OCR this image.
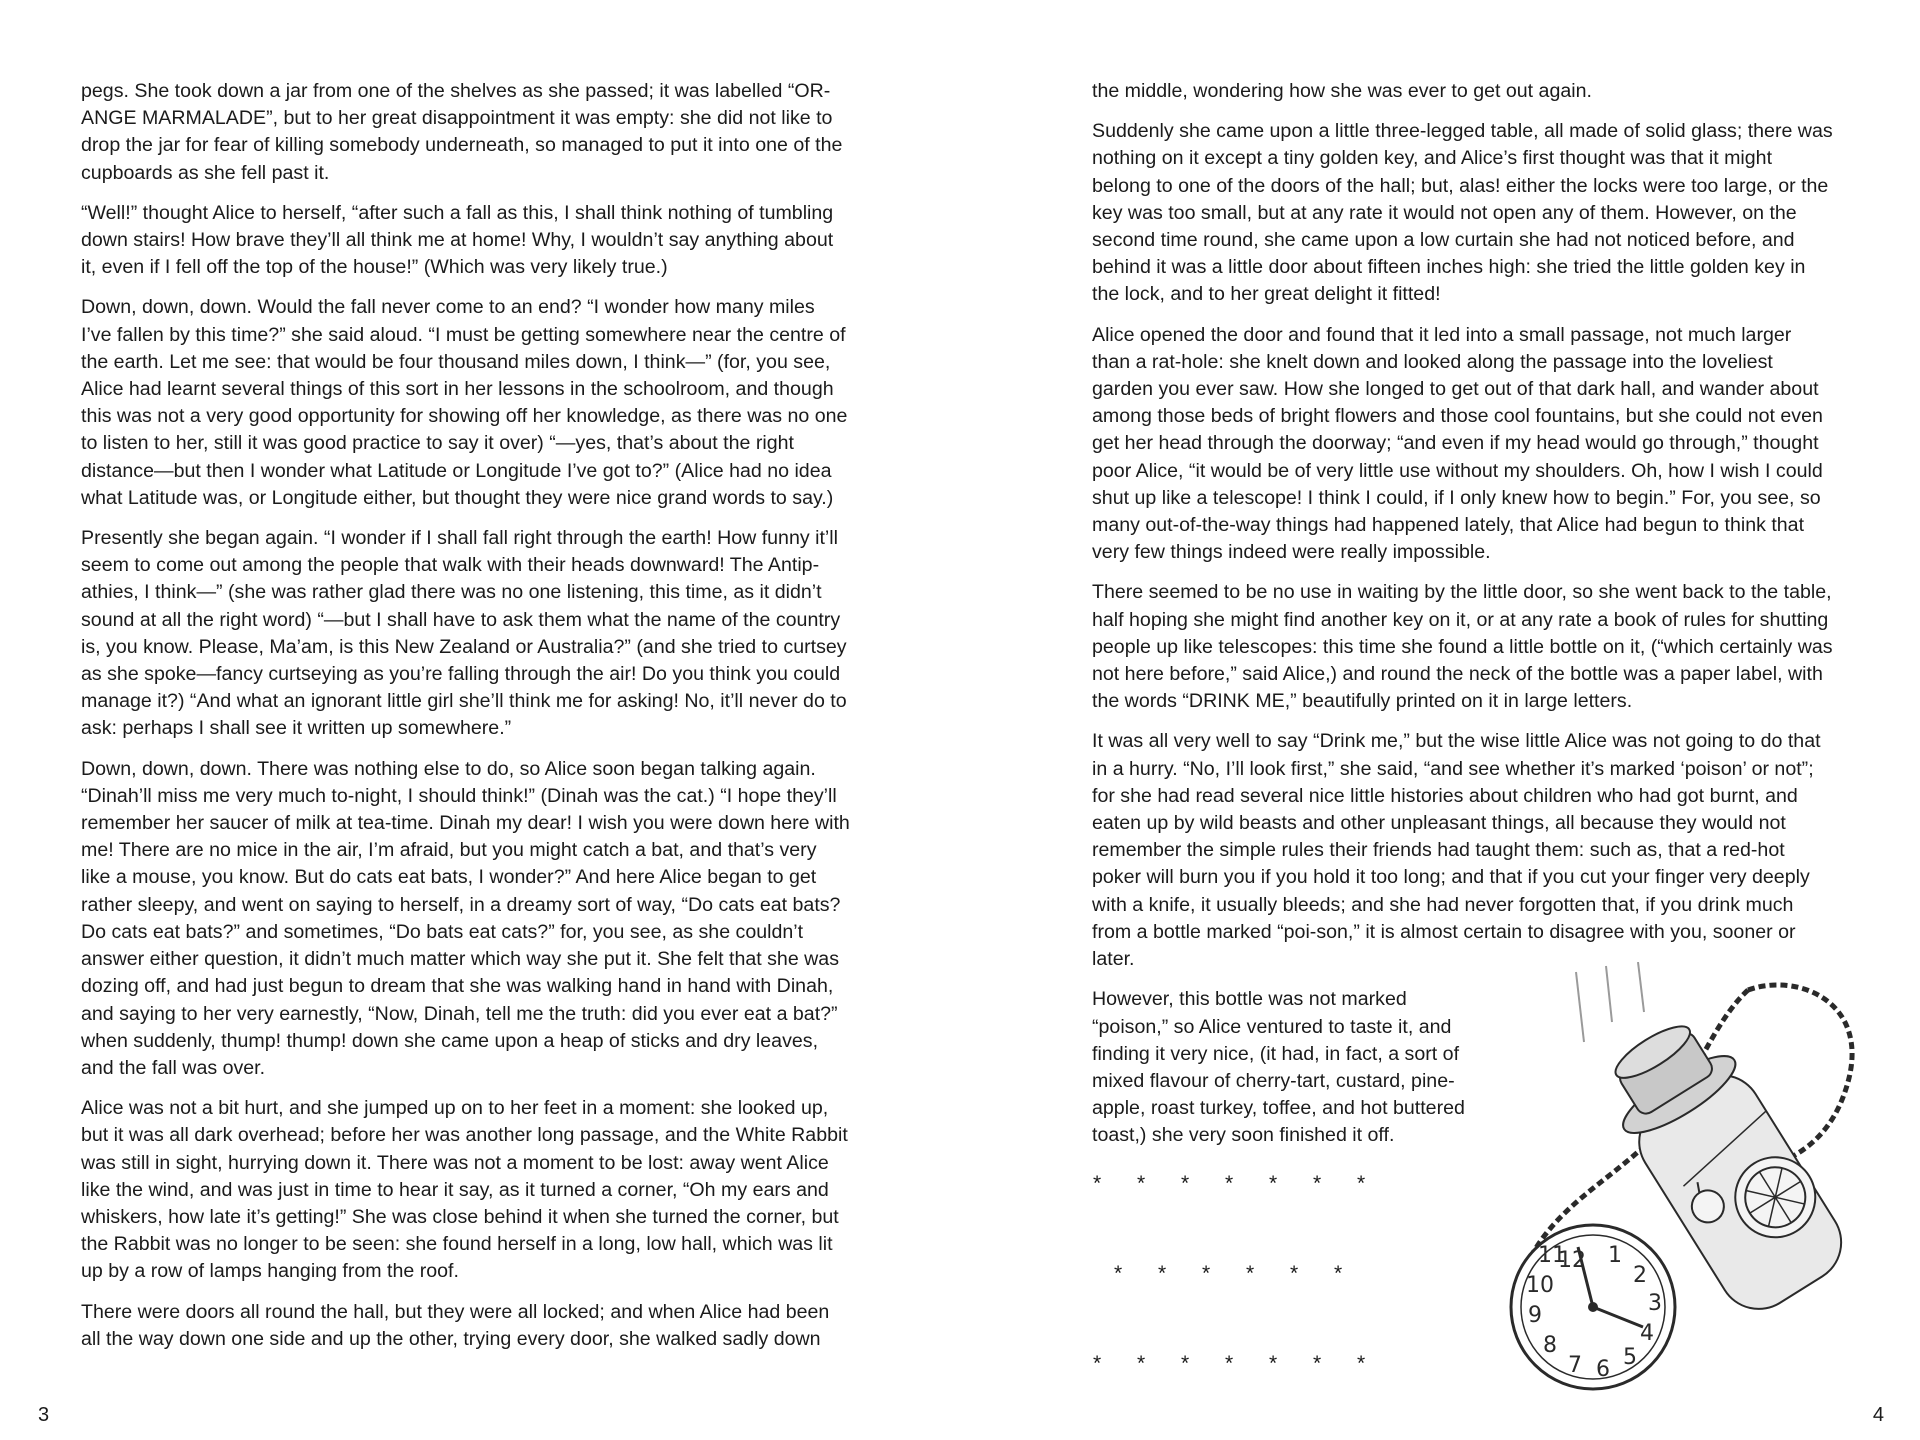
pegs. She took down a jar from one of the shelves as she passed; it was labelled “OR-ANGE MARMALADE”, but to her great disappointment it was empty: she did not like to drop the jar for fear of killing somebody underneath, so managed to put it into one of the cupboards as she fell past it.

“Well!” thought Alice to herself, “after such a fall as this, I shall think nothing of tumbling down stairs! How brave they’ll all think me at home! Why, I wouldn’t say anything about it, even if I fell off the top of the house!” (Which was very likely true.)

Down, down, down. Would the fall never come to an end? “I wonder how many miles I’ve fallen by this time?” she said aloud. “I must be getting somewhere near the centre of the earth. Let me see: that would be four thousand miles down, I think—” (for, you see, Alice had learnt several things of this sort in her lessons in the schoolroom, and though this was not a very good opportunity for showing off her knowledge, as there was no one to listen to her, still it was good practice to say it over) “—yes, that’s about the right distance—but then I wonder what Latitude or Longitude I’ve got to?” (Alice had no idea what Latitude was, or Longitude either, but thought they were nice grand words to say.)

Presently she began again. “I wonder if I shall fall right through the earth! How funny it’ll seem to come out among the people that walk with their heads downward! The Antip-athies, I think—” (she was rather glad there was no one listening, this time, as it didn’t sound at all the right word) “—but I shall have to ask them what the name of the country is, you know. Please, Ma’am, is this New Zealand or Australia?” (and she tried to curtsey as she spoke—fancy curtseying as you’re falling through the air! Do you think you could manage it?) “And what an ignorant little girl she’ll think me for asking! No, it’ll never do to ask: perhaps I shall see it written up somewhere.”

Down, down, down. There was nothing else to do, so Alice soon began talking again. “Dinah’ll miss me very much to-night, I should think!” (Dinah was the cat.) “I hope they’ll remember her saucer of milk at tea-time. Dinah my dear! I wish you were down here with me! There are no mice in the air, I’m afraid, but you might catch a bat, and that’s very like a mouse, you know. But do cats eat bats, I wonder?” And here Alice began to get rather sleepy, and went on saying to herself, in a dreamy sort of way, “Do cats eat bats? Do cats eat bats?” and sometimes, “Do bats eat cats?” for, you see, as she couldn’t answer either question, it didn’t much matter which way she put it. She felt that she was dozing off, and had just begun to dream that she was walking hand in hand with Dinah, and saying to her very earnestly, “Now, Dinah, tell me the truth: did you ever eat a bat?” when suddenly, thump! thump! down she came upon a heap of sticks and dry leaves, and the fall was over.

Alice was not a bit hurt, and she jumped up on to her feet in a moment: she looked up, but it was all dark overhead; before her was another long passage, and the White Rabbit was still in sight, hurrying down it. There was not a moment to be lost: away went Alice like the wind, and was just in time to hear it say, as it turned a corner, “Oh my ears and whiskers, how late it’s getting!” She was close behind it when she turned the corner, but the Rabbit was no longer to be seen: she found herself in a long, low hall, which was lit up by a row of lamps hanging from the roof.

There were doors all round the hall, but they were all locked; and when Alice had been all the way down one side and up the other, trying every door, she walked sadly down

3

the middle, wondering how she was ever to get out again.

Suddenly she came upon a little three-legged table, all made of solid glass; there was nothing on it except a tiny golden key, and Alice’s first thought was that it might belong to one of the doors of the hall; but, alas! either the locks were too large, or the key was too small, but at any rate it would not open any of them. However, on the second time round, she came upon a low curtain she had not noticed before, and behind it was a little door about fifteen inches high: she tried the little golden key in the lock, and to her great delight it fitted!

Alice opened the door and found that it led into a small passage, not much larger than a rat-hole: she knelt down and looked along the passage into the loveliest garden you ever saw. How she longed to get out of that dark hall, and wander about among those beds of bright flowers and those cool fountains, but she could not even get her head through the doorway; “and even if my head would go through,” thought poor Alice, “it would be of very little use without my shoulders. Oh, how I wish I could shut up like a telescope! I think I could, if I only knew how to begin.” For, you see, so many out-of-the-way things had happened lately, that Alice had begun to think that very few things indeed were really impossible.

There seemed to be no use in waiting by the little door, so she went back to the table, half hoping she might find another key on it, or at any rate a book of rules for shutting people up like telescopes: this time she found a little bottle on it, (“which certainly was not here before,” said Alice,) and round the neck of the bottle was a paper label, with the words “DRINK ME,” beautifully printed on it in large letters.

It was all very well to say “Drink me,” but the wise little Alice was not going to do that in a hurry. “No, I’ll look first,” she said, “and see whether it’s marked ‘poison’ or not”; for she had read several nice little histories about children who had got burnt, and eaten up by wild beasts and other unpleasant things, all because they would not remember the simple rules their friends had taught them: such as, that a red-hot poker will burn you if you hold it too long; and that if you cut your finger very deeply with a knife, it usually bleeds; and she had never forgotten that, if you drink much from a bottle marked “poi-son,” it is almost certain to disagree with you, sooner or later.

However, this bottle was not marked “poison,” so Alice ventured to taste it, and finding it very nice, (it had, in fact, a sort of mixed flavour of cherry-tart, custard, pine-apple, roast turkey, toffee, and hot buttered toast,) she very soon finished it off.

4
* * * * * * *
* * * * * *
* * * * * * *
12 1
2
3
4
5
6
7
8
9
10
11
